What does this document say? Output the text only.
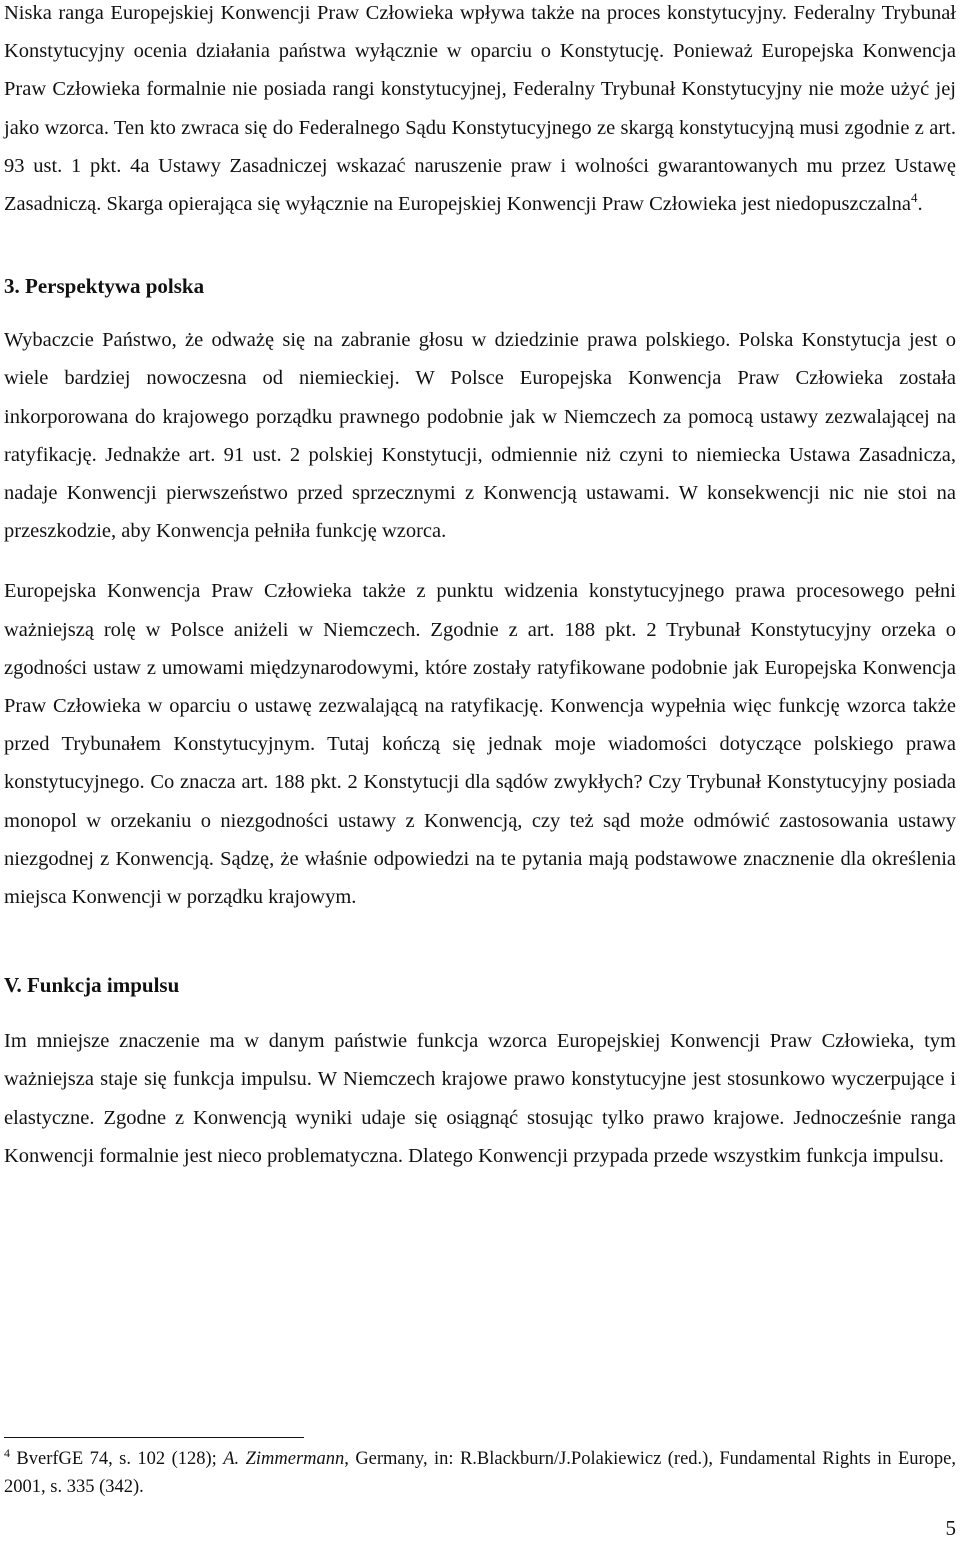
Niska ranga Europejskiej Konwencji Praw Człowieka wpływa także na proces konstytucyjny. Federalny Trybunał Konstytucyjny ocenia działania państwa wyłącznie w oparciu o Konstytucję. Ponieważ Europejska Konwencja Praw Człowieka formalnie nie posiada rangi konstytucyjnej, Federalny Trybunał Konstytucyjny nie może użyć jej jako wzorca. Ten kto zwraca się do Federalnego Sądu Konstytucyjnego ze skargą konstytucyjną musi zgodnie z art. 93 ust. 1 pkt. 4a Ustawy Zasadniczej wskazać naruszenie praw i wolności gwarantowanych mu przez Ustawę Zasadniczą. Skarga opierająca się wyłącznie na Europejskiej Konwencji Praw Człowieka jest niedopuszczalna$^4$.

3. Perspektywa polska

Wybaczcie Państwo, że odważę się na zabranie głosu w dziedzinie prawa polskiego. Polska Konstytucja jest o wiele bardziej nowoczesna od niemieckiej. W Polsce Europejska Konwencja Praw Człowieka została inkorporowana do krajowego porządku prawnego podobnie jak w Niemczech za pomocą ustawy zezwalającej na ratyfikację. Jednakże art. 91 ust. 2 polskiej Konstytucji, odmiennie niż czyni to niemiecka Ustawa Zasadnicza, nadaje Konwencji pierwszeństwo przed sprzecznymi z Konwencją ustawami. W konsekwencji nic nie stoi na przeszkodzie, aby Konwencja pełniła funkcję wzorca.

Europejska Konwencja Praw Człowieka także z punktu widzenia konstytucyjnego prawa procesowego pełni ważniejszą rolę w Polsce aniżeli w Niemczech. Zgodnie z art. 188 pkt. 2 Trybunał Konstytucyjny orzeka o zgodności ustaw z umowami międzynarodowymi, które zostały ratyfikowane podobnie jak Europejska Konwencja Praw Człowieka w oparciu o ustawę zezwalającą na ratyfikację. Konwencja wypełnia więc funkcję wzorca także przed Trybunałem Konstytucyjnym. Tutaj kończą się jednak moje wiadomości dotyczące polskiego prawa konstytucyjnego. Co znacza art. 188 pkt. 2 Konstytucji dla sądów zwykłych? Czy Trybunał Konstytucyjny posiada monopol w orzekaniu o niezgodności ustawy z Konwencją, czy też sąd może odmówić zastosowania ustawy niezgodnej z Konwencją. Sądzę, że właśnie odpowiedzi na te pytania mają podstawowe znacznenie dla określenia miejsca Konwencji w porządku krajowym.

V. Funkcja impulsu

Im mniejsze znaczenie ma w danym państwie funkcja wzorca Europejskiej Konwencji Praw Człowieka, tym ważniejsza staje się funkcja impulsu. W Niemczech krajowe prawo konstytucyjne jest stosunkowo wyczerpujące i elastyczne. Zgodne z Konwencją wyniki udaje się osiągnąć stosując tylko prawo krajowe. Jednocześnie ranga Konwencji formalnie jest nieco problematyczna. Dlatego Konwencji przypada przede wszystkim funkcja impulsu.

$^4$ BverfGE 74, s. 102 (128); A. Zimmermann, Germany, in: R.Blackburn/J.Polakiewicz (red.), Fundamental Rights in Europe, 2001, s. 335 (342).
5
